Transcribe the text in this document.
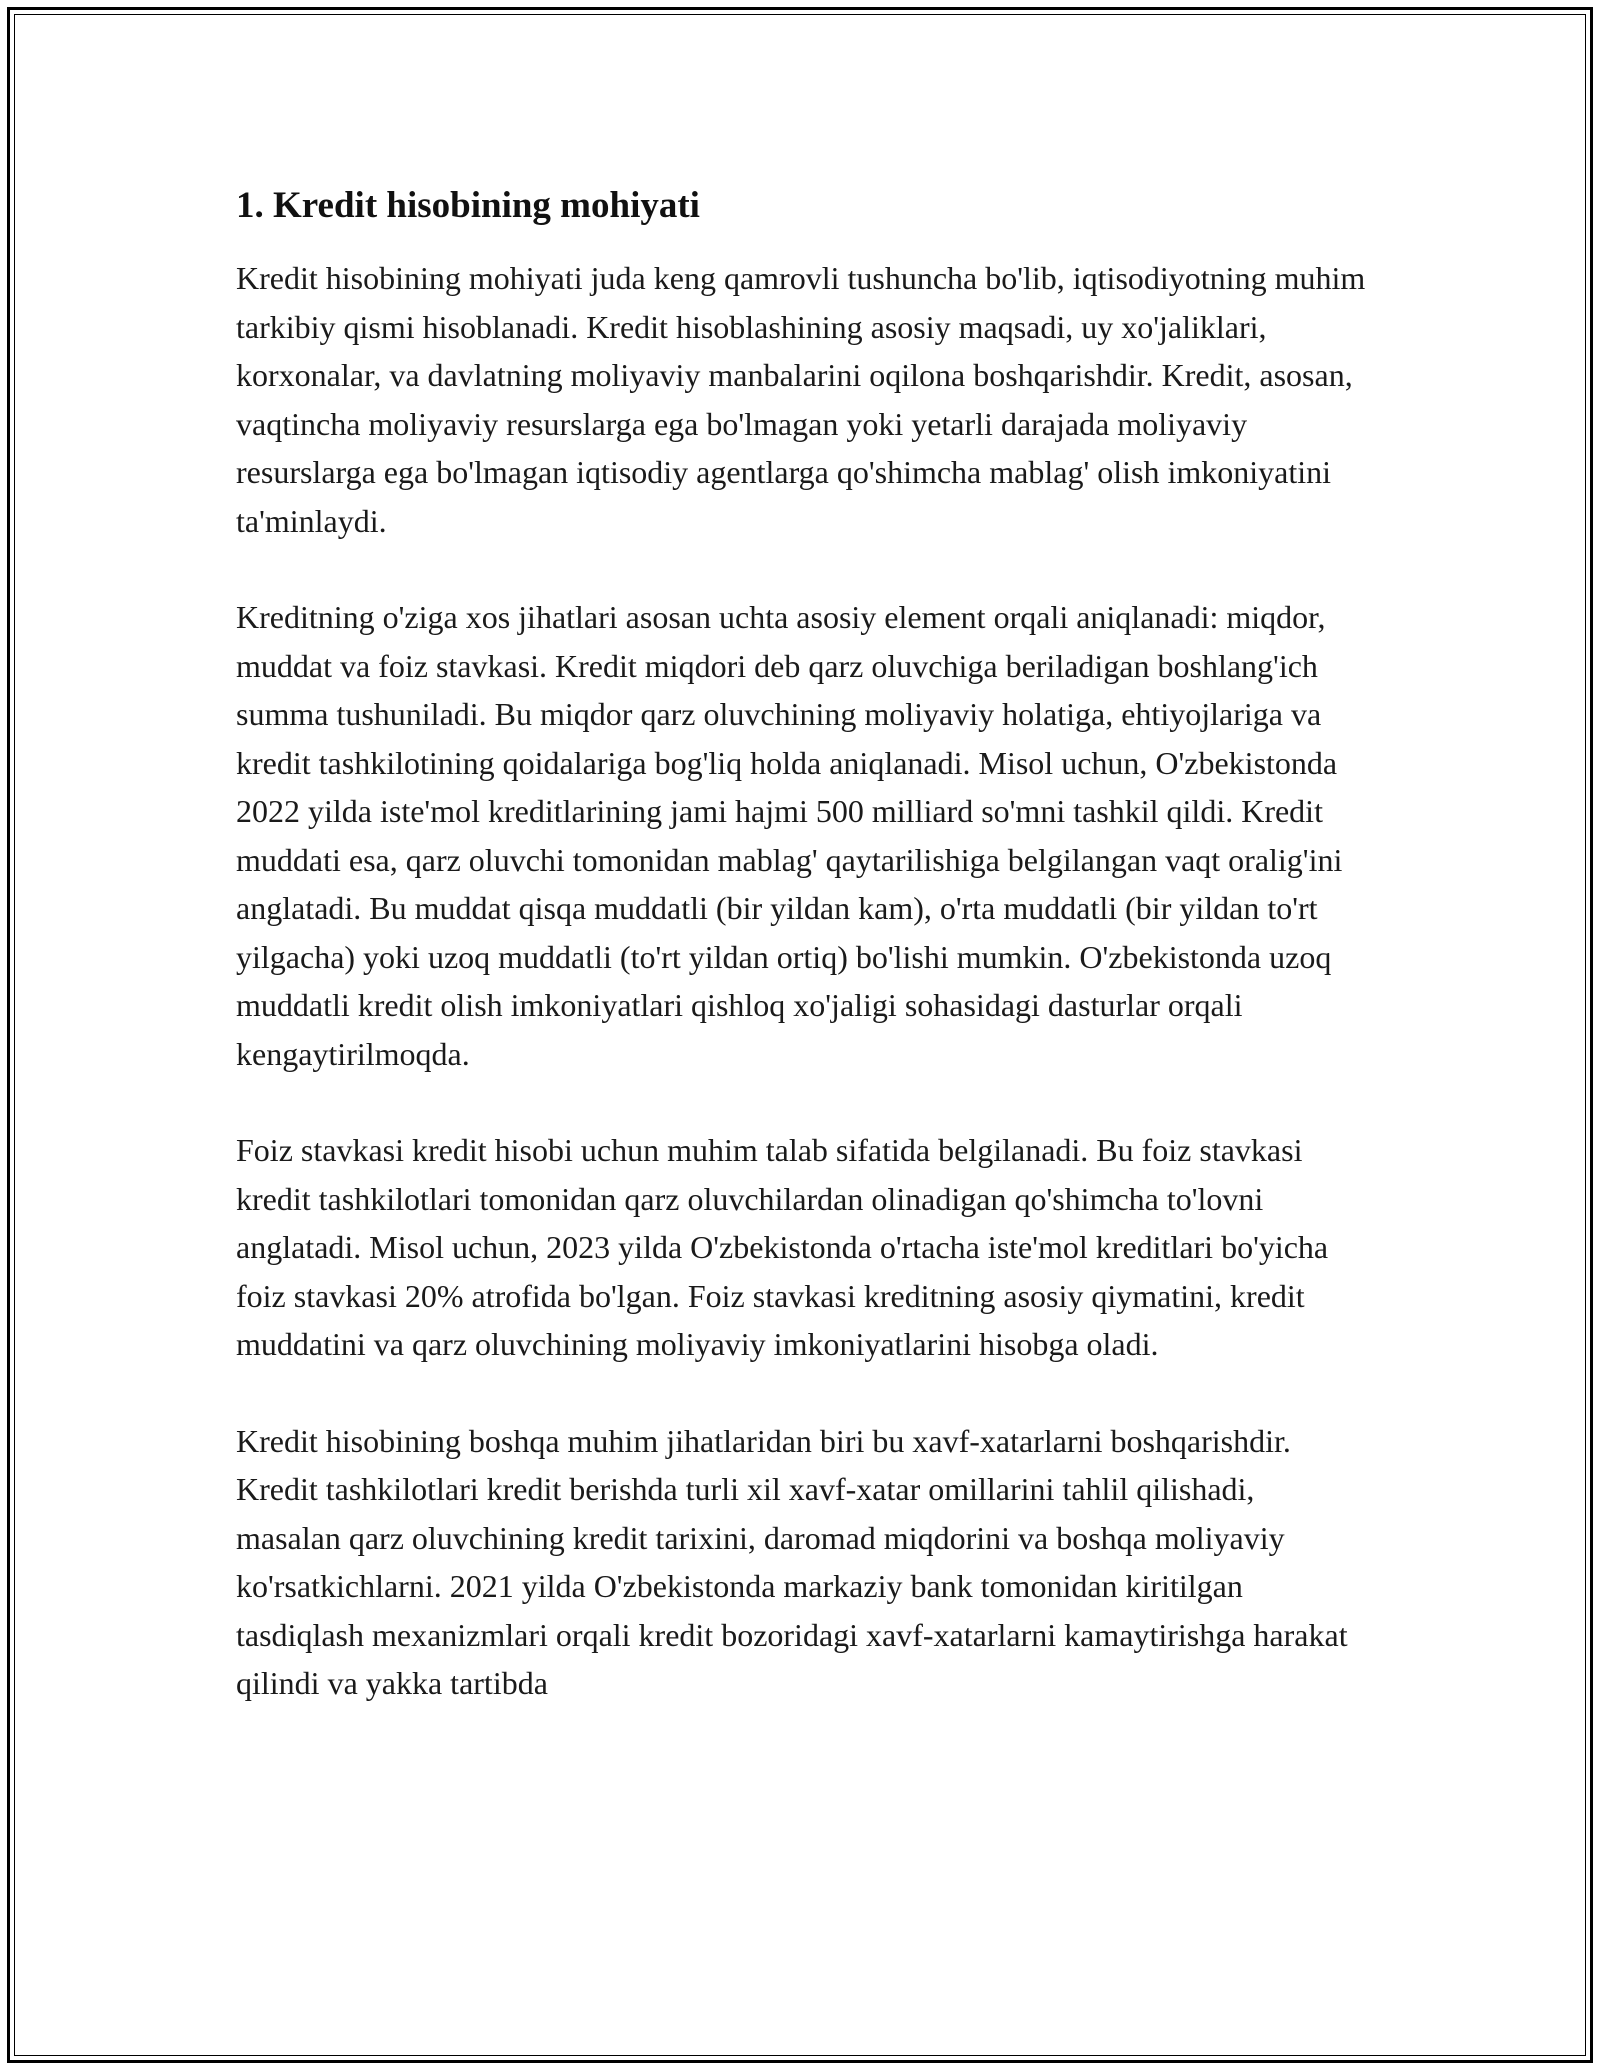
1. Kredit hisobining mohiyati

Kredit hisobining mohiyati juda keng qamrovli tushuncha bo'lib, iqtisodiyotning muhim tarkibiy qismi hisoblanadi. Kredit hisoblashining asosiy maqsadi, uy xo'jaliklari, korxonalar, va davlatning moliyaviy manbalarini oqilona boshqarishdir. Kredit, asosan, vaqtincha moliyaviy resurslarga ega bo'lmagan yoki yetarli darajada moliyaviy resurslarga ega bo'lmagan iqtisodiy agentlarga qo'shimcha mablag' olish imkoniyatini ta'minlaydi.

Kreditning o'ziga xos jihatlari asosan uchta asosiy element orqali aniqlanadi: miqdor, muddat va foiz stavkasi. Kredit miqdori deb qarz oluvchiga beriladigan boshlang'ich summa tushuniladi. Bu miqdor qarz oluvchining moliyaviy holatiga, ehtiyojlariga va kredit tashkilotining qoidalariga bog'liq holda aniqlanadi. Misol uchun, O'zbekistonda 2022 yilda iste'mol kreditlarining jami hajmi 500 milliard so'mni tashkil qildi. Kredit muddati esa, qarz oluvchi tomonidan mablag' qaytarilishiga belgilangan vaqt oralig'ini anglatadi. Bu muddat qisqa muddatli (bir yildan kam), o'rta muddatli (bir yildan to'rt yilgacha) yoki uzoq muddatli (to'rt yildan ortiq) bo'lishi mumkin. O'zbekistonda uzoq muddatli kredit olish imkoniyatlari qishloq xo'jaligi sohasidagi dasturlar orqali kengaytirilmoqda.

Foiz stavkasi kredit hisobi uchun muhim talab sifatida belgilanadi. Bu foiz stavkasi kredit tashkilotlari tomonidan qarz oluvchilardan olinadigan qo'shimcha to'lovni anglatadi. Misol uchun, 2023 yilda O'zbekistonda o'rtacha iste'mol kreditlari bo'yicha foiz stavkasi 20% atrofida bo'lgan. Foiz stavkasi kreditning asosiy qiymatini, kredit muddatini va qarz oluvchining moliyaviy imkoniyatlarini hisobga oladi.

Kredit hisobining boshqa muhim jihatlaridan biri bu xavf-xatarlarni boshqarishdir. Kredit tashkilotlari kredit berishda turli xil xavf-xatar omillarini tahlil qilishadi, masalan qarz oluvchining kredit tarixini, daromad miqdorini va boshqa moliyaviy ko'rsatkichlarni. 2021 yilda O'zbekistonda markaziy bank tomonidan kiritilgan tasdiqlash mexanizmlari orqali kredit bozoridagi xavf-xatarlarni kamaytirishga harakat qilindi va yakka tartibda
